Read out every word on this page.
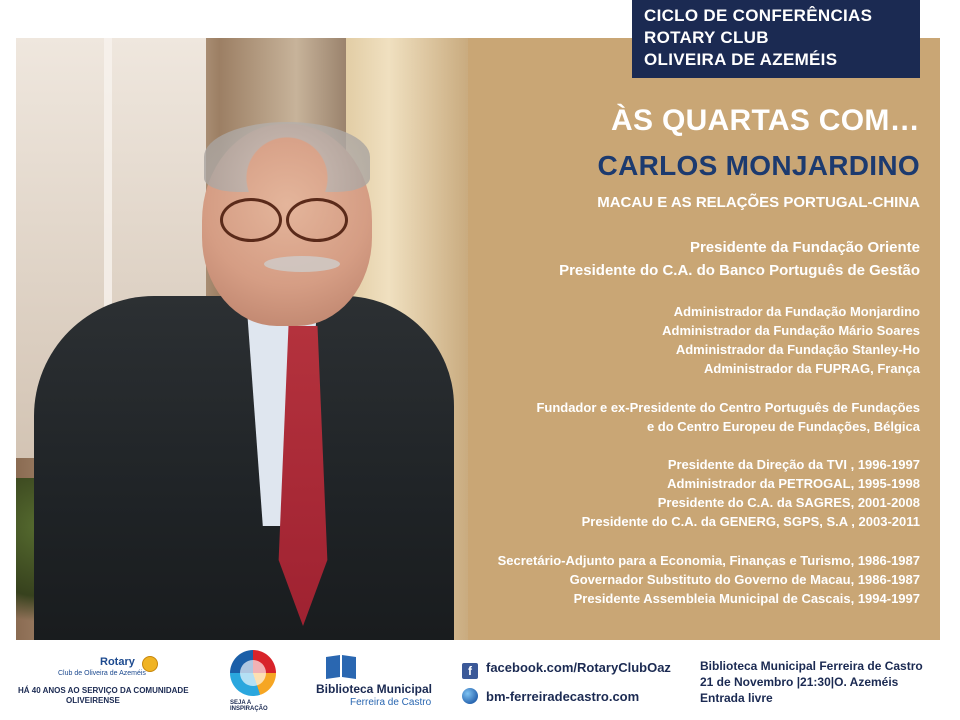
CICLO DE CONFERÊNCIAS
ROTARY CLUB
OLIVEIRA DE AZEMÉIS
ÀS QUARTAS COM…
CARLOS MONJARDINO
MACAU E AS RELAÇÕES PORTUGAL-CHINA
Presidente da Fundação Oriente
Presidente do C.A. do Banco Português de Gestão
Administrador da Fundação Monjardino
Administrador da Fundação Mário Soares
Administrador da Fundação Stanley-Ho
Administrador da FUPRAG, França
Fundador e ex-Presidente do Centro Português de Fundações
e do Centro Europeu de Fundações, Bélgica
Presidente da Direção da TVI , 1996-1997
Administrador da PETROGAL, 1995-1998
Presidente do C.A. da SAGRES, 2001-2008
Presidente do C.A. da GENERG, SGPS, S.A , 2003-2011
Secretário-Adjunto para a Economia, Finanças e Turismo, 1986-1987
Governador Substituto do Governo de Macau, 1986-1987
Presidente Assembleia Municipal de Cascais, 1994-1997
Rotary
Club de Oliveira de Azeméis
HÁ 40 ANOS AO SERVIÇO DA COMUNIDADE
OLIVEIRENSE	SEJA A INSPIRAÇÃO
Biblioteca Municipal
Ferreira de Castro
f facebook.com/RotaryClubOaz
bm-ferreiradecastro.com
Biblioteca Municipal Ferreira de Castro
21 de Novembro |21:30|O. Azeméis
Entrada livre
